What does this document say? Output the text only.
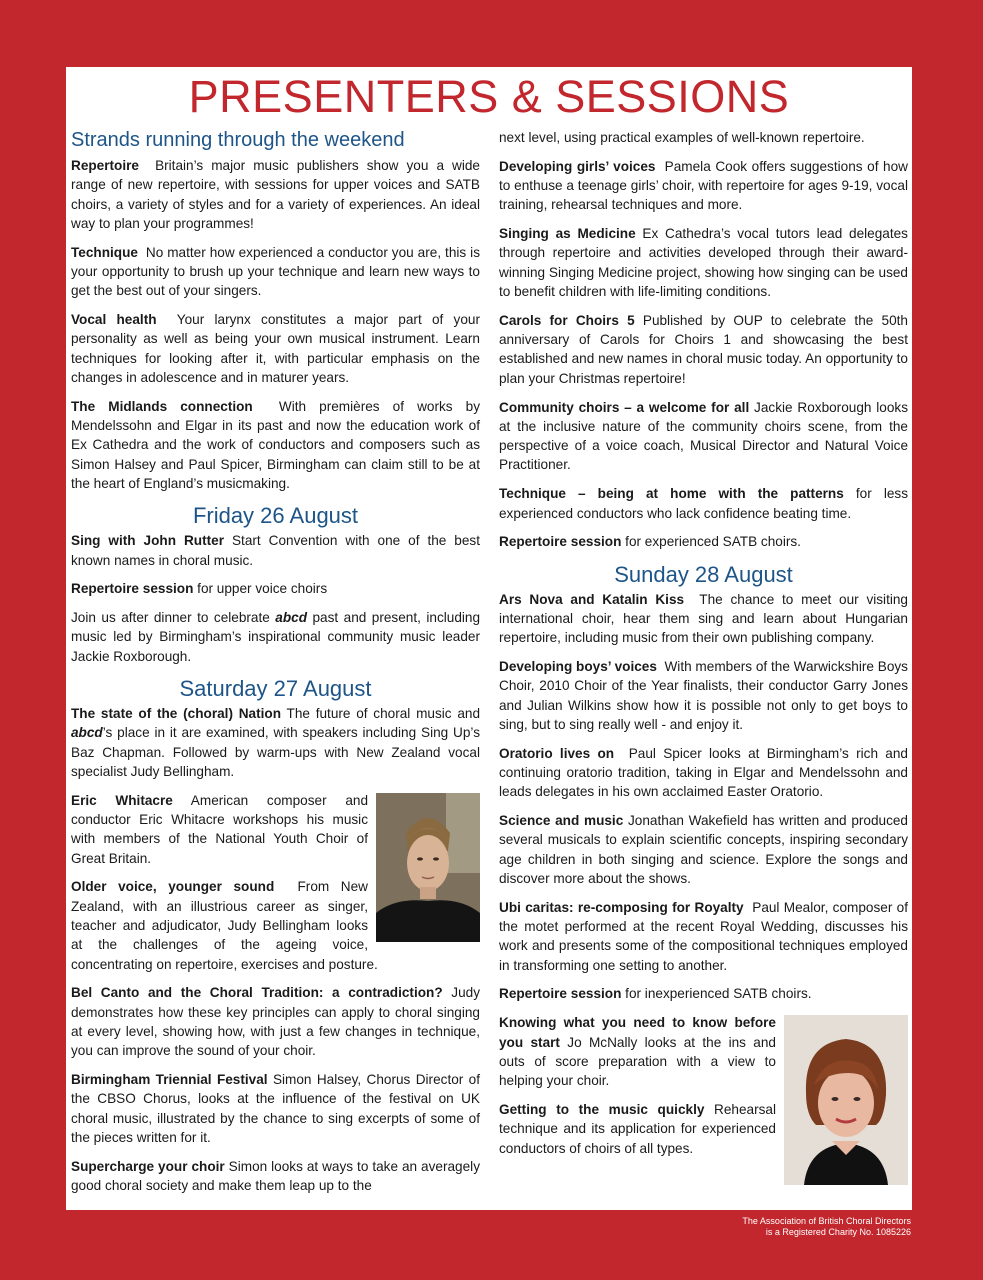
PRESENTERS & SESSIONS
Strands running through the weekend

Repertoire Britain’s major music publishers show you a wide range of new repertoire, with sessions for upper voices and SATB choirs, a variety of styles and for a variety of experiences. An ideal way to plan your programmes!

Technique No matter how experienced a conductor you are, this is your opportunity to brush up your technique and learn new ways to get the best out of your singers.

Vocal health Your larynx constitutes a major part of your personality as well as being your own musical instrument. Learn techniques for looking after it, with particular emphasis on the changes in adolescence and in maturer years.

The Midlands connection With premières of works by Mendelssohn and Elgar in its past and now the education work of Ex Cathedra and the work of conductors and composers such as Simon Halsey and Paul Spicer, Birmingham can claim still to be at the heart of England’s musicmaking.

Friday 26 August

Sing with John Rutter Start Convention with one of the best known names in choral music.

Repertoire session for upper voice choirs

Join us after dinner to celebrate abcd past and present, including music led by Birmingham’s inspirational community music leader Jackie Roxborough.

Saturday 27 August

The state of the (choral) Nation The future of choral music and abcd’s place in it are examined, with speakers including Sing Up’s Baz Chapman. Followed by warm-ups with New Zealand vocal specialist Judy Bellingham.

Eric Whitacre American composer and conductor Eric Whitacre workshops his music with members of the National Youth Choir of Great Britain.

Older voice, younger sound From New Zealand, with an illustrious career as singer, teacher and adjudicator, Judy Bellingham looks at the challenges of the ageing voice, concentrating on repertoire, exercises and posture.

Bel Canto and the Choral Tradition: a contradiction? Judy demonstrates how these key principles can apply to choral singing at every level, showing how, with just a few changes in technique, you can improve the sound of your choir.

Birmingham Triennial Festival Simon Halsey, Chorus Director of the CBSO Chorus, looks at the influence of the festival on UK choral music, illustrated by the chance to sing excerpts of some of the pieces written for it.

Supercharge your choir Simon looks at ways to take an averagely good choral society and make them leap up to the

next level, using practical examples of well-known repertoire.

Developing girls’ voices Pamela Cook offers suggestions of how to enthuse a teenage girls’ choir, with repertoire for ages 9-19, vocal training, rehearsal techniques and more.

Singing as Medicine Ex Cathedra’s vocal tutors lead delegates through repertoire and activities developed through their award-winning Singing Medicine project, showing how singing can be used to benefit children with life-limiting conditions.

Carols for Choirs 5 Published by OUP to celebrate the 50th anniversary of Carols for Choirs 1 and showcasing the best established and new names in choral music today. An opportunity to plan your Christmas repertoire!

Community choirs – a welcome for all Jackie Roxborough looks at the inclusive nature of the community choirs scene, from the perspective of a voice coach, Musical Director and Natural Voice Practitioner.

Technique – being at home with the patterns for less experienced conductors who lack confidence beating time.

Repertoire session for experienced SATB choirs.

Sunday 28 August

Ars Nova and Katalin Kiss The chance to meet our visiting international choir, hear them sing and learn about Hungarian repertoire, including music from their own publishing company.

Developing boys’ voices With members of the Warwickshire Boys Choir, 2010 Choir of the Year finalists, their conductor Garry Jones and Julian Wilkins show how it is possible not only to get boys to sing, but to sing really well - and enjoy it.

Oratorio lives on Paul Spicer looks at Birmingham’s rich and continuing oratorio tradition, taking in Elgar and Mendelssohn and leads delegates in his own acclaimed Easter Oratorio.

Science and music Jonathan Wakefield has written and produced several musicals to explain scientific concepts, inspiring secondary age children in both singing and science. Explore the songs and discover more about the shows.

Ubi caritas: re-composing for Royalty Paul Mealor, composer of the motet performed at the recent Royal Wedding, discusses his work and presents some of the compositional techniques employed in transforming one setting to another.

Repertoire session for inexperienced SATB choirs.

Knowing what you need to know before you start Jo McNally looks at the ins and outs of score preparation with a view to helping your choir.

Getting to the music quickly Rehearsal technique and its application for experienced conductors of choirs of all types.

The Association of British Choral Directors
is a Registered Charity No. 1085226
